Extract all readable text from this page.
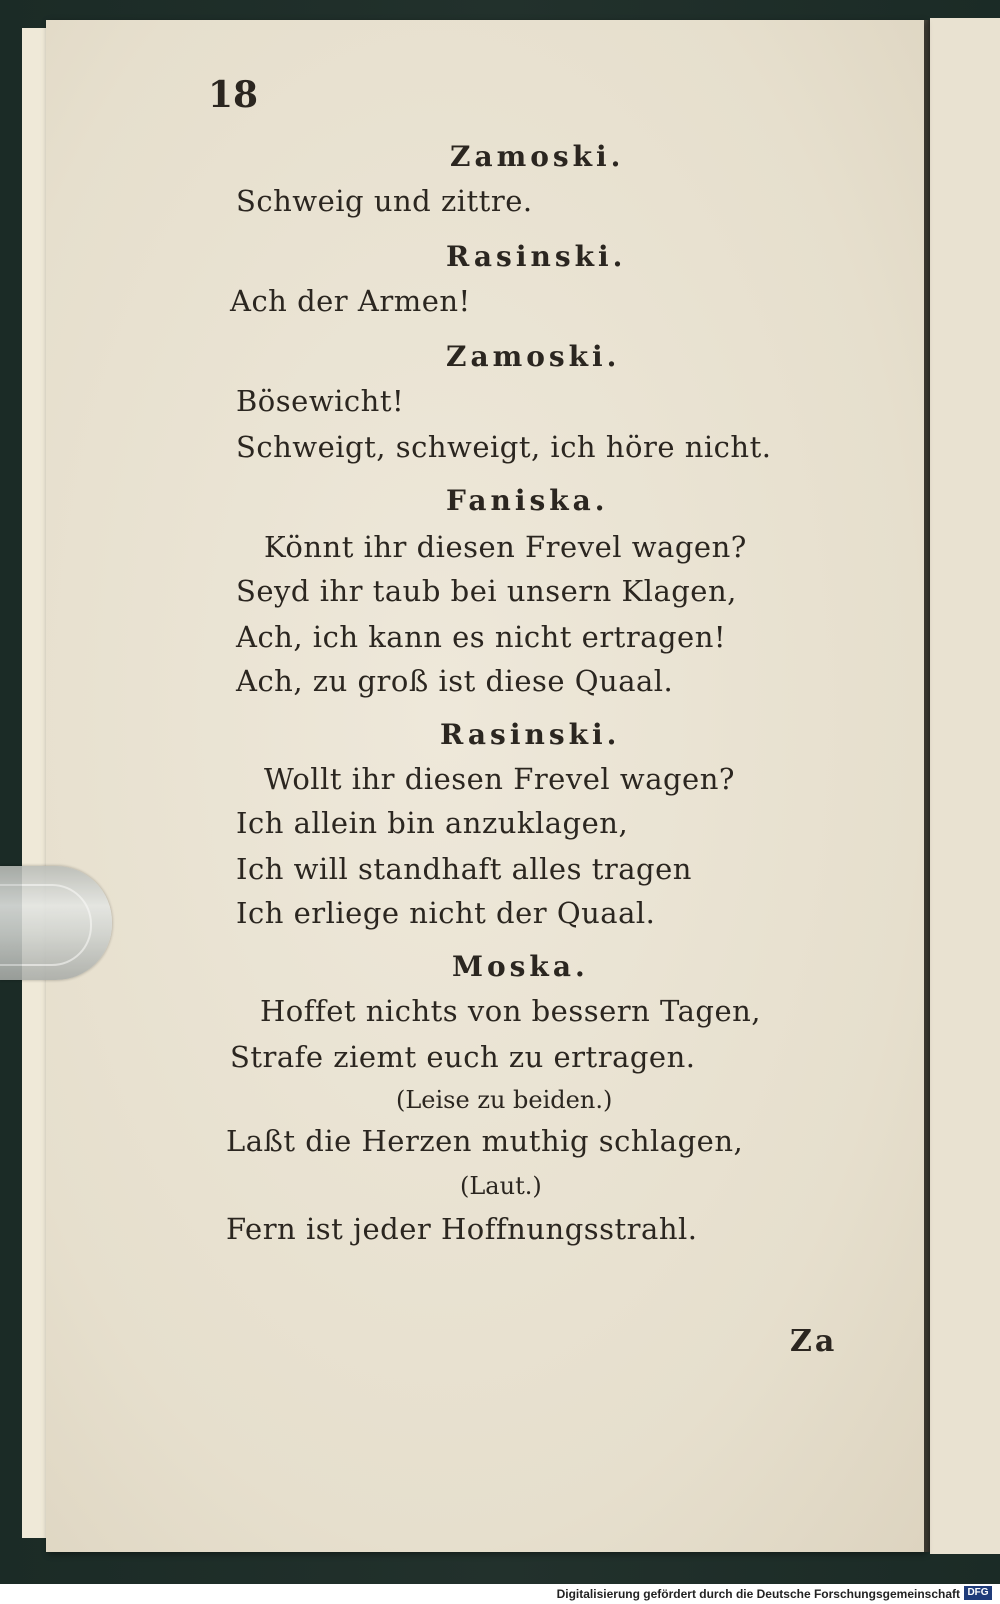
18
Zamoski.
Schweig und zittre.
Rasinski.
Ach der Armen!
Zamoski.
Bösewicht!
Schweigt, schweigt, ich höre nicht.
Faniska.
Könnt ihr diesen Frevel wagen?
Seyd ihr taub bei unsern Klagen,
Ach, ich kann es nicht ertragen!
Ach, zu groß ist diese Quaal.
Rasinski.
Wollt ihr diesen Frevel wagen?
Ich allein bin anzuklagen,
Ich will standhaft alles tragen
Ich erliege nicht der Quaal.
Moska.
Hoffet nichts von bessern Tagen,
Strafe ziemt euch zu ertragen.
(Leise zu beiden.)
Laßt die Herzen muthig schlagen,
(Laut.)
Fern ist jeder Hoffnungsstrahl.
Za
Digitalisierung gefördert durch die Deutsche Forschungsgemeinschaft DFG
